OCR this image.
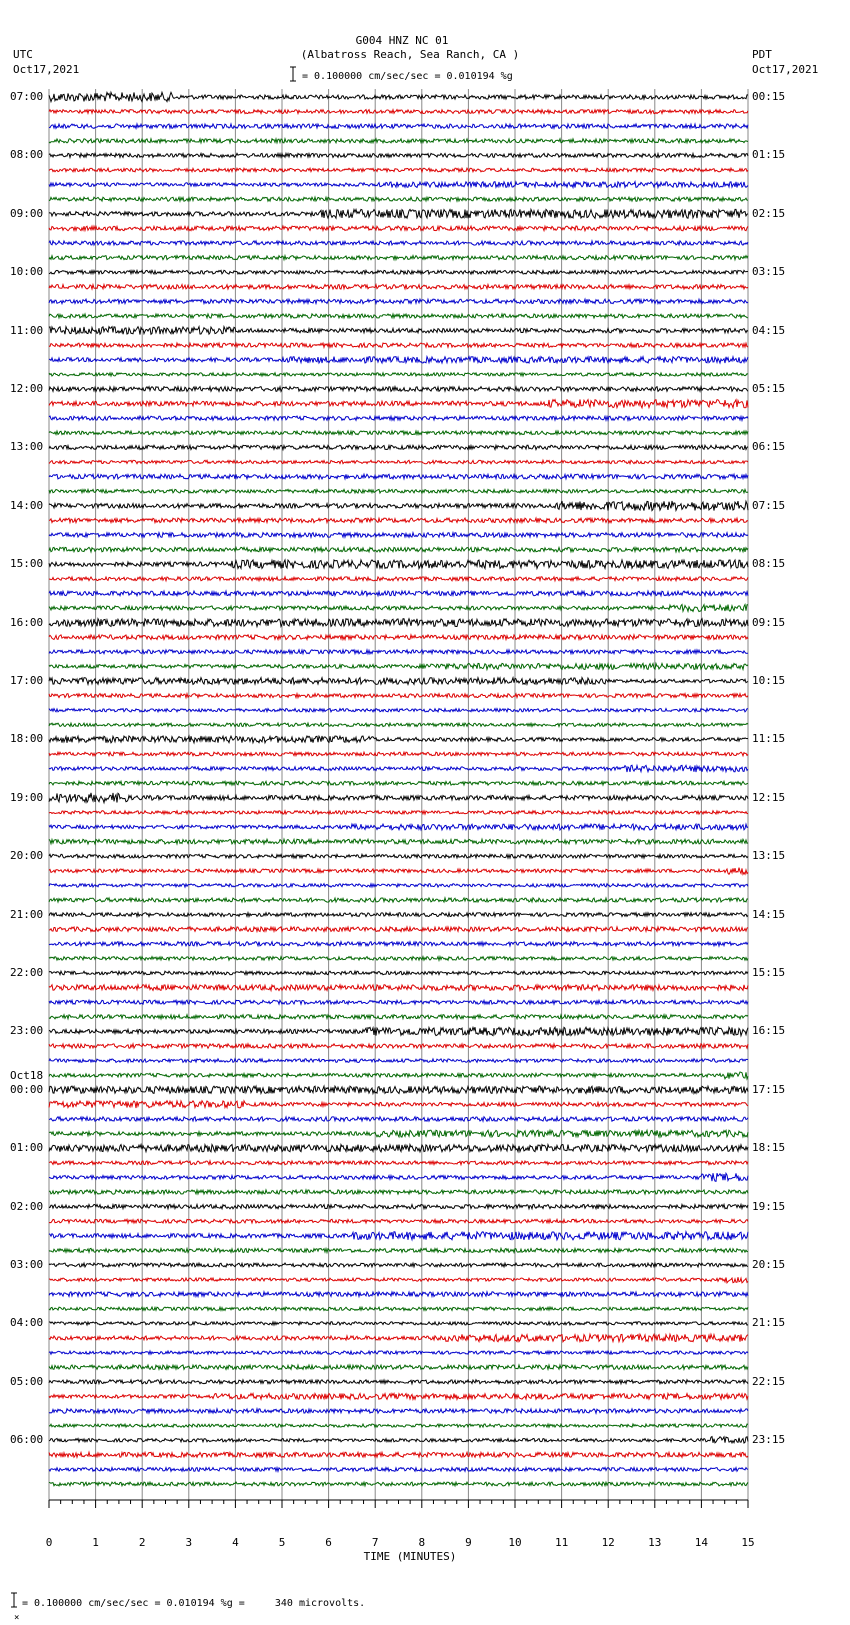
G004 HNZ NC 01
(Albatross Reach, Sea Ranch, CA )
UTC
Oct17,2021
PDT
Oct17,2021
= 0.100000 cm/sec/sec = 0.010194 %g
07:00
08:00
09:00
10:00
11:00
12:00
13:00
14:00
15:00
16:00
17:00
18:00
19:00
20:00
21:00
22:00
23:00
Oct18
00:00
01:00
02:00
03:00
04:00
05:00
06:00
00:15
01:15
02:15
03:15
04:15
05:15
06:15
07:15
08:15
09:15
10:15
11:15
12:15
13:15
14:15
15:15
16:15
17:15
18:15
19:15
20:15
21:15
22:15
23:15
0	1	2	3	4	5	6	7	8	9	10	11	12	13	14	15
TIME (MINUTES)

×

= 0.100000 cm/sec/sec = 0.010194 %g =     340 microvolts.
